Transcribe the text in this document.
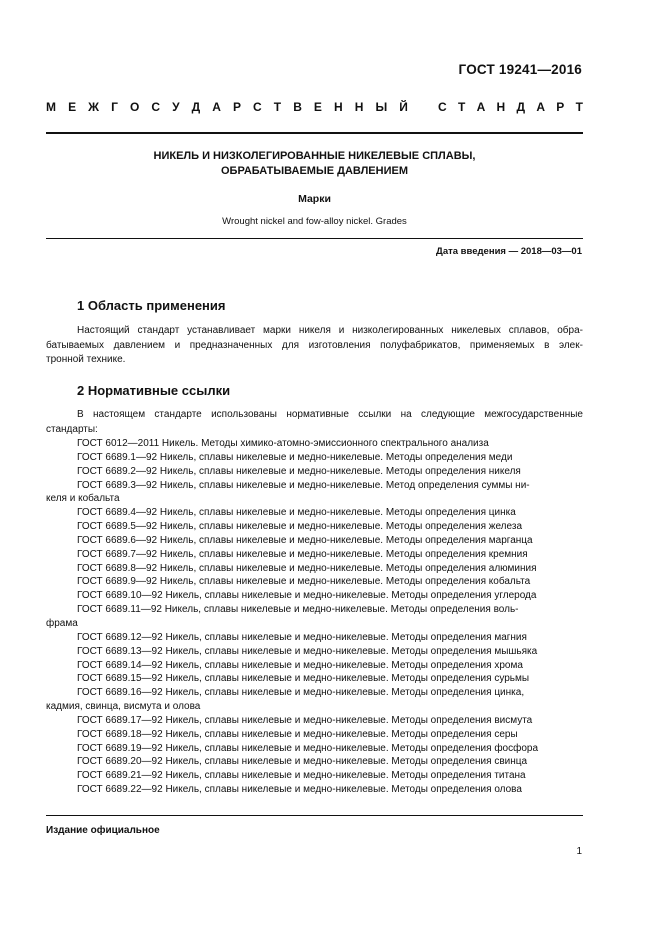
ГОСТ 19241—2016
М Е Ж Г О С У Д А Р С Т В Е Н Н Ы Й	С Т А Н Д А Р Т
НИКЕЛЬ И НИЗКОЛЕГИРОВАННЫЕ НИКЕЛЕВЫЕ СПЛАВЫ,
ОБРАБАТЫВАЕМЫЕ ДАВЛЕНИЕМ
Марки
Wrought nickel and fow-alloy nickel. Grades
Дата введения — 2018—03—01
1 Область применения
Настоящий стандарт устанавливает марки никеля и низколегированных никелевых сплавов, обра-
батываемых давлением и предназначенных для изготовления полуфабрикатов, применяемых в элек-
тронной технике.
2 Нормативные ссылки
В настоящем стандарте использованы нормативные ссылки на следующие межгосударственные
стандарты:
ГОСТ 6012—2011 Никель. Методы химико-атомно-эмиссионного спектрального анализа
ГОСТ 6689.1—92 Никель, сплавы никелевые и медно-никелевые. Методы определения меди
ГОСТ 6689.2—92 Никель, сплавы никелевые и медно-никелевые. Методы определения никеля
ГОСТ 6689.3—92 Никель, сплавы никелевые и медно-никелевые. Метод определения суммы ни-
келя и кобальта
ГОСТ 6689.4—92 Никель, сплавы никелевые и медно-никелевые. Методы определения цинка
ГОСТ 6689.5—92 Никель, сплавы никелевые и медно-никелевые. Методы определения железа
ГОСТ 6689.6—92 Никель, сплавы никелевые и медно-никелевые. Методы определения марганца
ГОСТ 6689.7—92 Никель, сплавы никелевые и медно-никелевые. Методы определения кремния
ГОСТ 6689.8—92 Никель, сплавы никелевые и медно-никелевые. Методы определения алюминия
ГОСТ 6689.9—92 Никель, сплавы никелевые и медно-никелевые. Методы определения кобальта
ГОСТ 6689.10—92 Никель, сплавы никелевые и медно-никелевые. Методы определения углерода
ГОСТ 6689.11—92 Никель, сплавы никелевые и медно-никелевые. Методы определения воль-
фрама
ГОСТ 6689.12—92 Никель, сплавы никелевые и медно-никелевые. Методы определения магния
ГОСТ 6689.13—92 Никель, сплавы никелевые и медно-никелевые. Методы определения мышьяка
ГОСТ 6689.14—92 Никель, сплавы никелевые и медно-никелевые. Методы определения хрома
ГОСТ 6689.15—92 Никель, сплавы никелевые и медно-никелевые. Методы определения сурьмы
ГОСТ 6689.16—92 Никель, сплавы никелевые и медно-никелевые. Методы определения цинка,
кадмия, свинца, висмута и олова
ГОСТ 6689.17—92 Никель, сплавы никелевые и медно-никелевые. Методы определения висмута
ГОСТ 6689.18—92 Никель, сплавы никелевые и медно-никелевые. Методы определения серы
ГОСТ 6689.19—92 Никель, сплавы никелевые и медно-никелевые. Методы определения фосфора
ГОСТ 6689.20—92 Никель, сплавы никелевые и медно-никелевые. Методы определения свинца
ГОСТ 6689.21—92 Никель, сплавы никелевые и медно-никелевые. Методы определения титана
ГОСТ 6689.22—92 Никель, сплавы никелевые и медно-никелевые. Методы определения олова
Издание официальное
1
